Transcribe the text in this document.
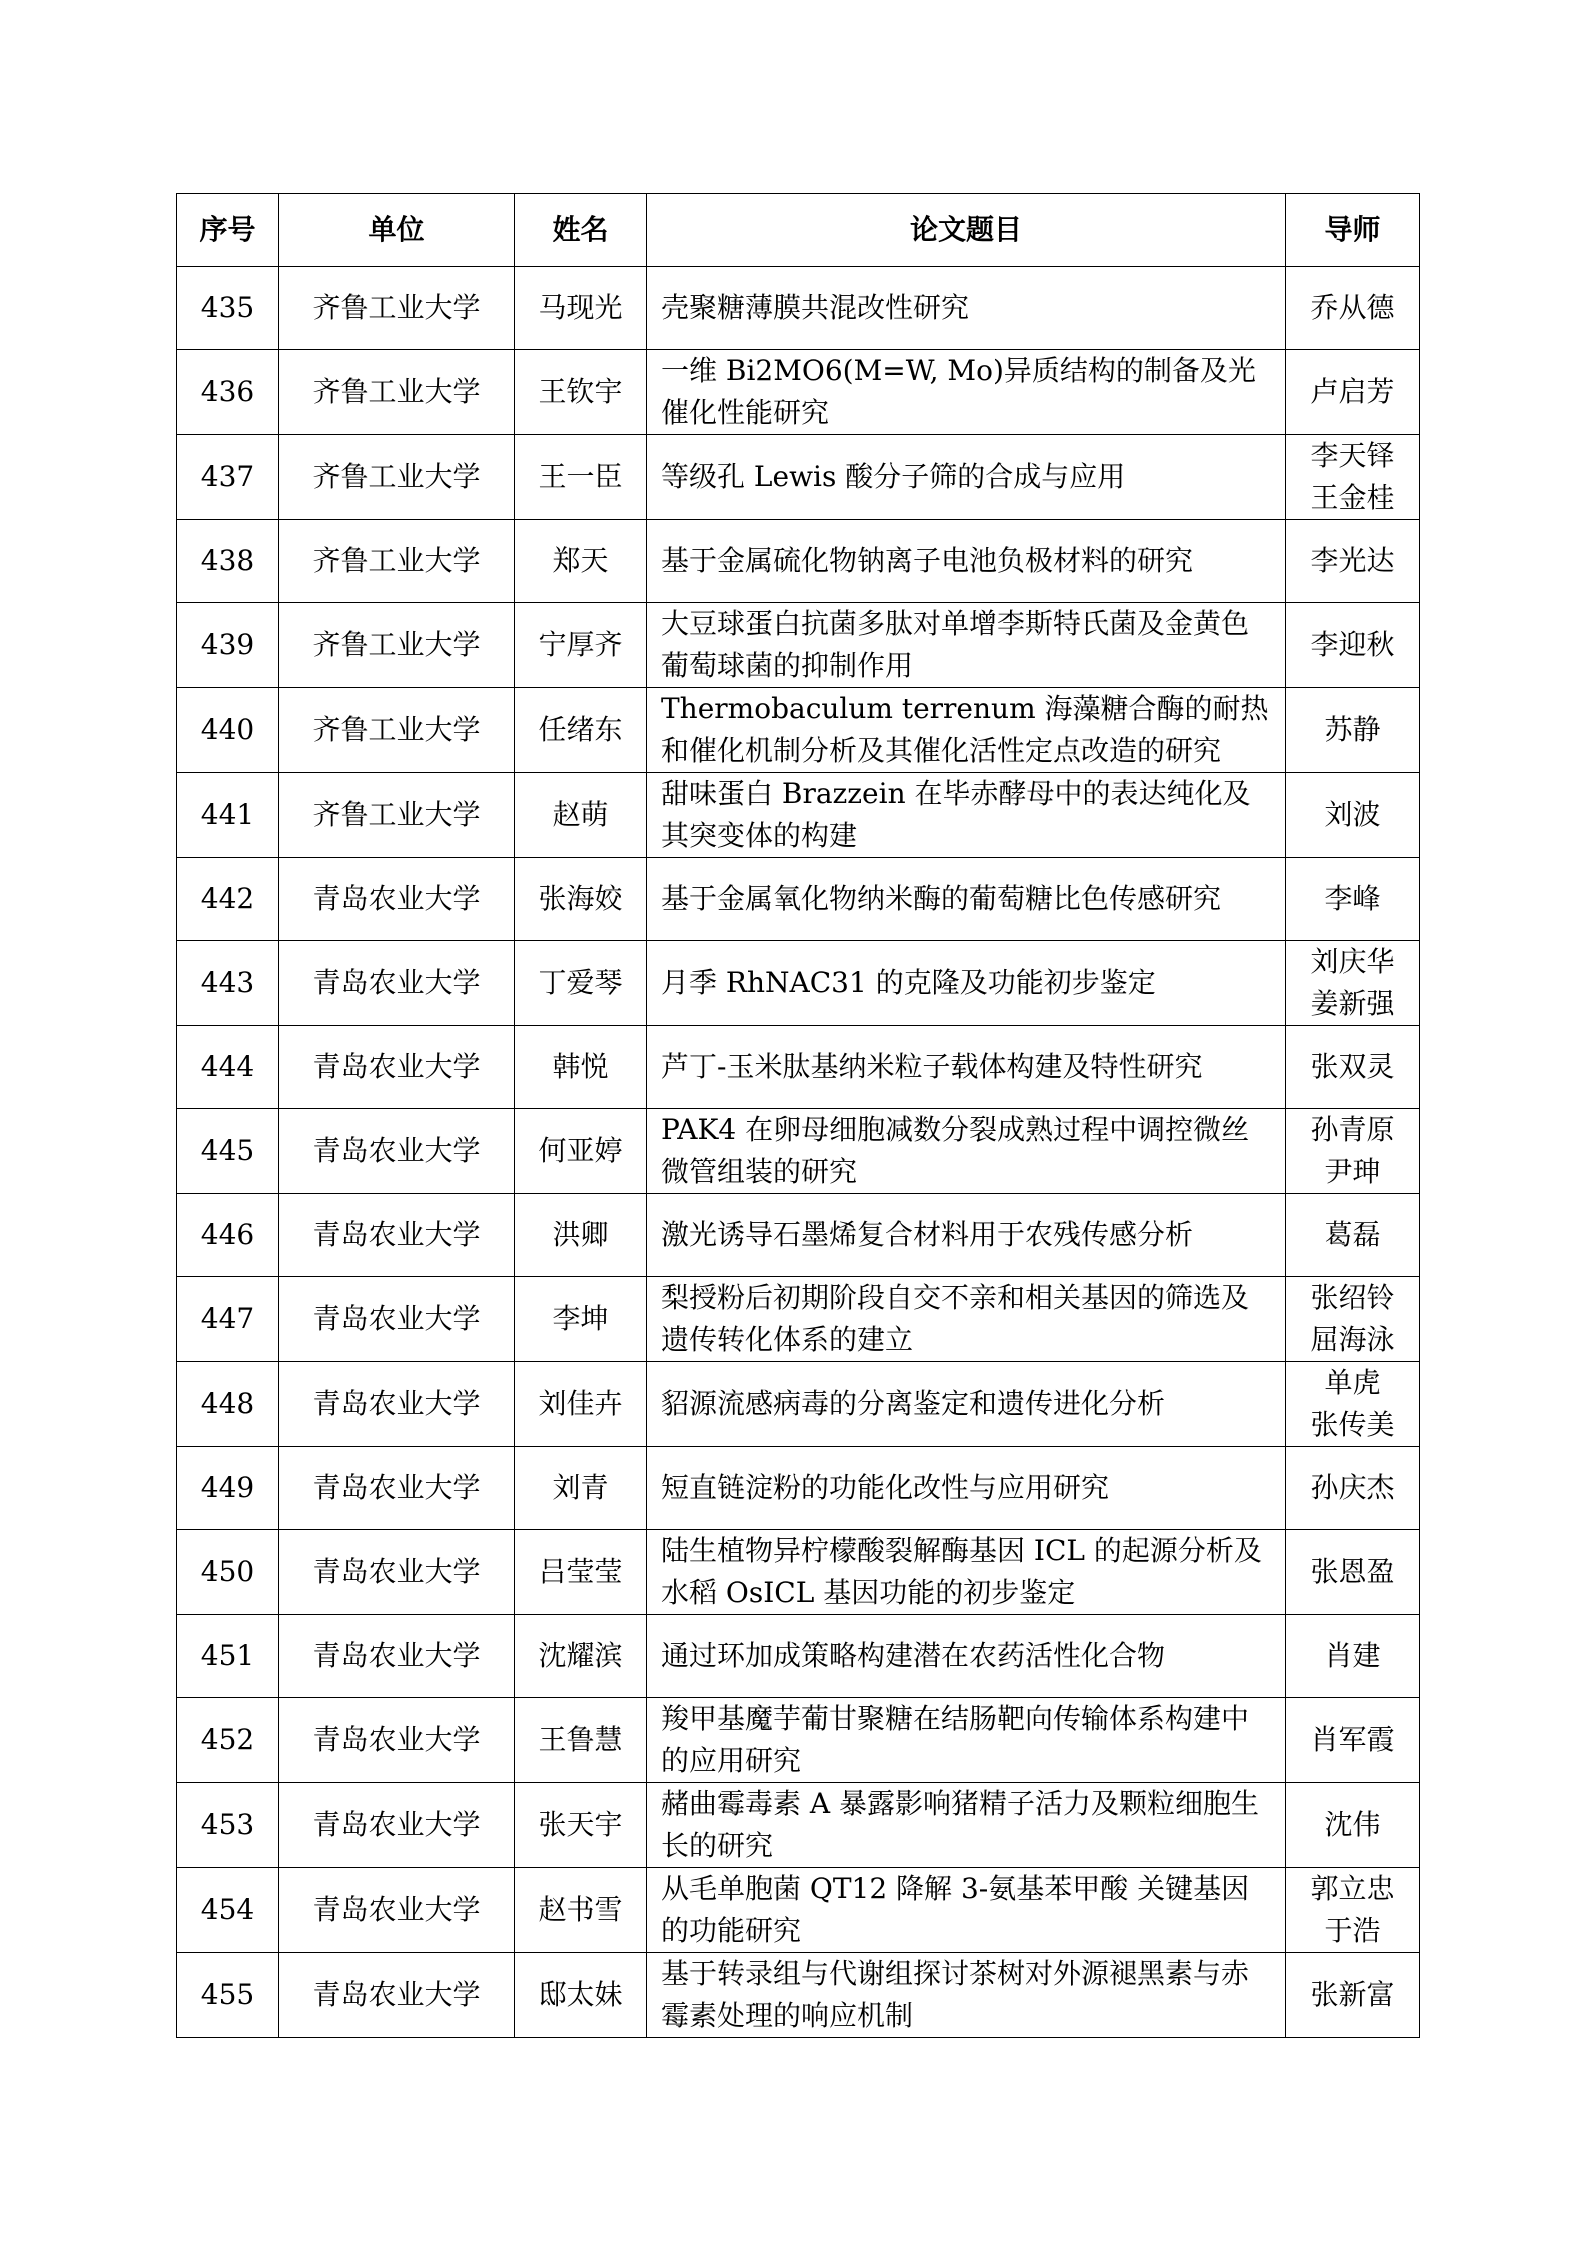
序号	单位	姓名	论文题目	导师
435	齐鲁工业大学	马现光	壳聚糖薄膜共混改性研究	乔从德

436	齐鲁工业大学	王钦宇	一维 Bi2MO6(M=W, Mo)异质结构的制备及光催化性能研究	卢启芳

437	齐鲁工业大学	王一臣	等级孔 Lewis 酸分子筛的合成与应用	李天铎
王金桂

438	齐鲁工业大学	郑天	基于金属硫化物钠离子电池负极材料的研究	李光达

439	齐鲁工业大学	宁厚齐	大豆球蛋白抗菌多肽对单增李斯特氏菌及金黄色葡萄球菌的抑制作用	李迎秋

440	齐鲁工业大学	任绪东	Thermobaculum terrenum 海藻糖合酶的耐热和催化机制分析及其催化活性定点改造的研究	苏静

441	齐鲁工业大学	赵萌	甜味蛋白 Brazzein 在毕赤酵母中的表达纯化及其突变体的构建	刘波

442	青岛农业大学	张海姣	基于金属氧化物纳米酶的葡萄糖比色传感研究	李峰

443	青岛农业大学	丁爱琴	月季 RhNAC31 的克隆及功能初步鉴定	刘庆华
姜新强

444	青岛农业大学	韩悦	芦丁-玉米肽基纳米粒子载体构建及特性研究	张双灵

445	青岛农业大学	何亚婷	PAK4 在卵母细胞减数分裂成熟过程中调控微丝微管组装的研究	孙青原
尹珅

446	青岛农业大学	洪卿	激光诱导石墨烯复合材料用于农残传感分析	葛磊

447	青岛农业大学	李坤	梨授粉后初期阶段自交不亲和相关基因的筛选及遗传转化体系的建立	张绍铃
屈海泳

448	青岛农业大学	刘佳卉	貂源流感病毒的分离鉴定和遗传进化分析	单虎
张传美

449	青岛农业大学	刘青	短直链淀粉的功能化改性与应用研究	孙庆杰

450	青岛农业大学	吕莹莹	陆生植物异柠檬酸裂解酶基因 ICL 的起源分析及水稻 OsICL 基因功能的初步鉴定	张恩盈

451	青岛农业大学	沈耀滨	通过环加成策略构建潜在农药活性化合物	肖建

452	青岛农业大学	王鲁慧	羧甲基魔芋葡甘聚糖在结肠靶向传输体系构建中的应用研究	肖军霞

453	青岛农业大学	张天宇	赭曲霉毒素 A 暴露影响猪精子活力及颗粒细胞生长的研究	沈伟

454	青岛农业大学	赵书雪	从毛单胞菌 QT12 降解 3-氨基苯甲酸 关键基因的功能研究	郭立忠
于浩

455	青岛农业大学	邸太妹	基于转录组与代谢组探讨茶树对外源褪黑素与赤霉素处理的响应机制	张新富
